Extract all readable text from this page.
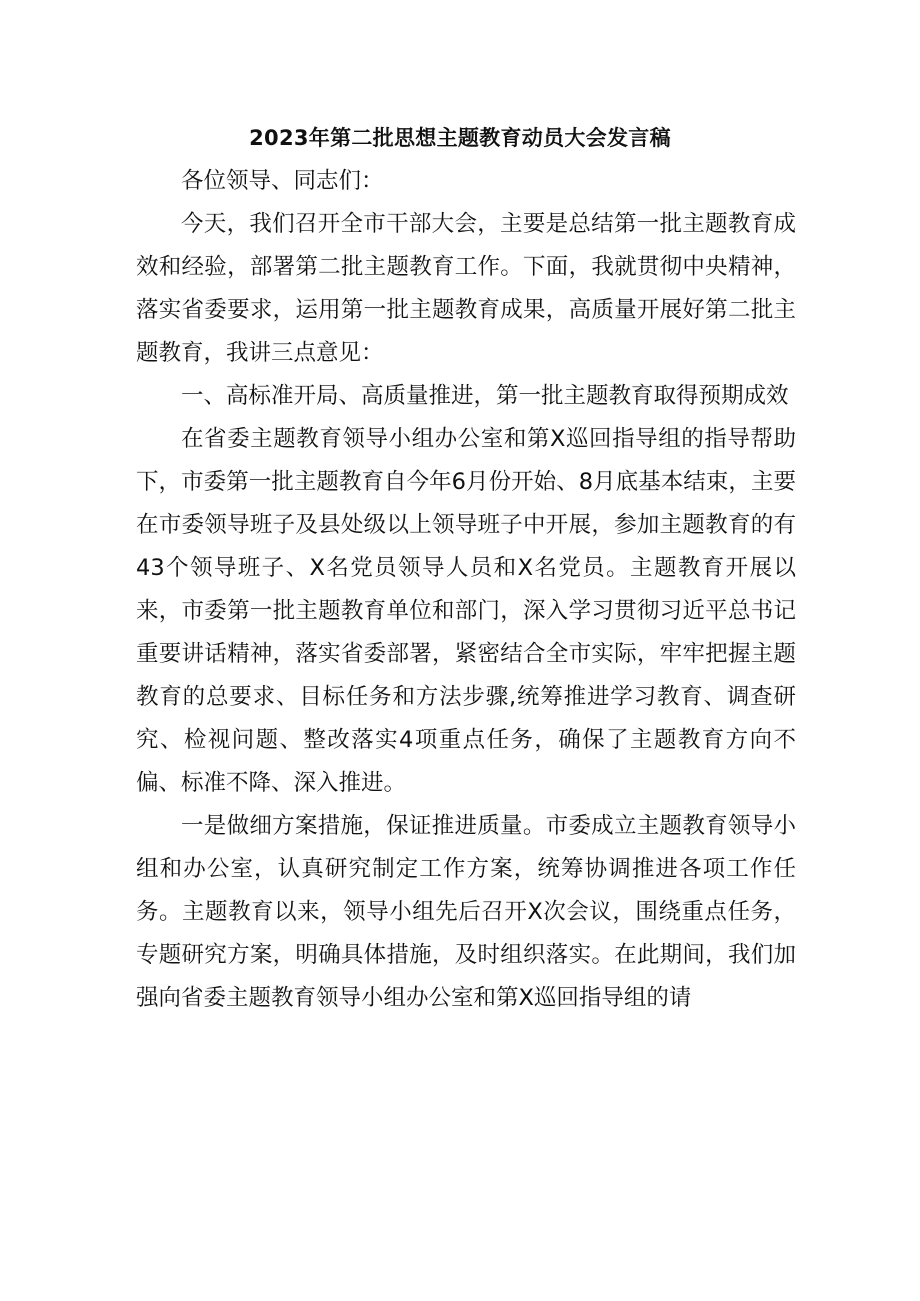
2023年第二批思想主题教育动员大会发言稿

各位领导、同志们：

今天，我们召开全市干部大会，主要是总结第一批主题教育成效和经验，部署第二批主题教育工作。下面，我就贯彻中央精神，落实省委要求，运用第一批主题教育成果，高质量开展好第二批主题教育，我讲三点意见：

一、高标准开局、高质量推进，第一批主题教育取得预期成效

在省委主题教育领导小组办公室和第X巡回指导组的指导帮助下，市委第一批主题教育自今年6月份开始、8月底基本结束，主要在市委领导班子及县处级以上领导班子中开展，参加主题教育的有43个领导班子、X名党员领导人员和X名党员。主题教育开展以来，市委第一批主题教育单位和部门，深入学习贯彻习近平总书记重要讲话精神，落实省委部署，紧密结合全市实际，牢牢把握主题教育的总要求、目标任务和方法步骤,统筹推进学习教育、调查研究、检视问题、整改落实4项重点任务，确保了主题教育方向不偏、标准不降、深入推进。

一是做细方案措施，保证推进质量。市委成立主题教育领导小组和办公室，认真研究制定工作方案，统筹协调推进各项工作任务。主题教育以来，领导小组先后召开X次会议，围绕重点任务，专题研究方案，明确具体措施，及时组织落实。在此期间，我们加强向省委主题教育领导小组办公室和第X巡回指导组的请
